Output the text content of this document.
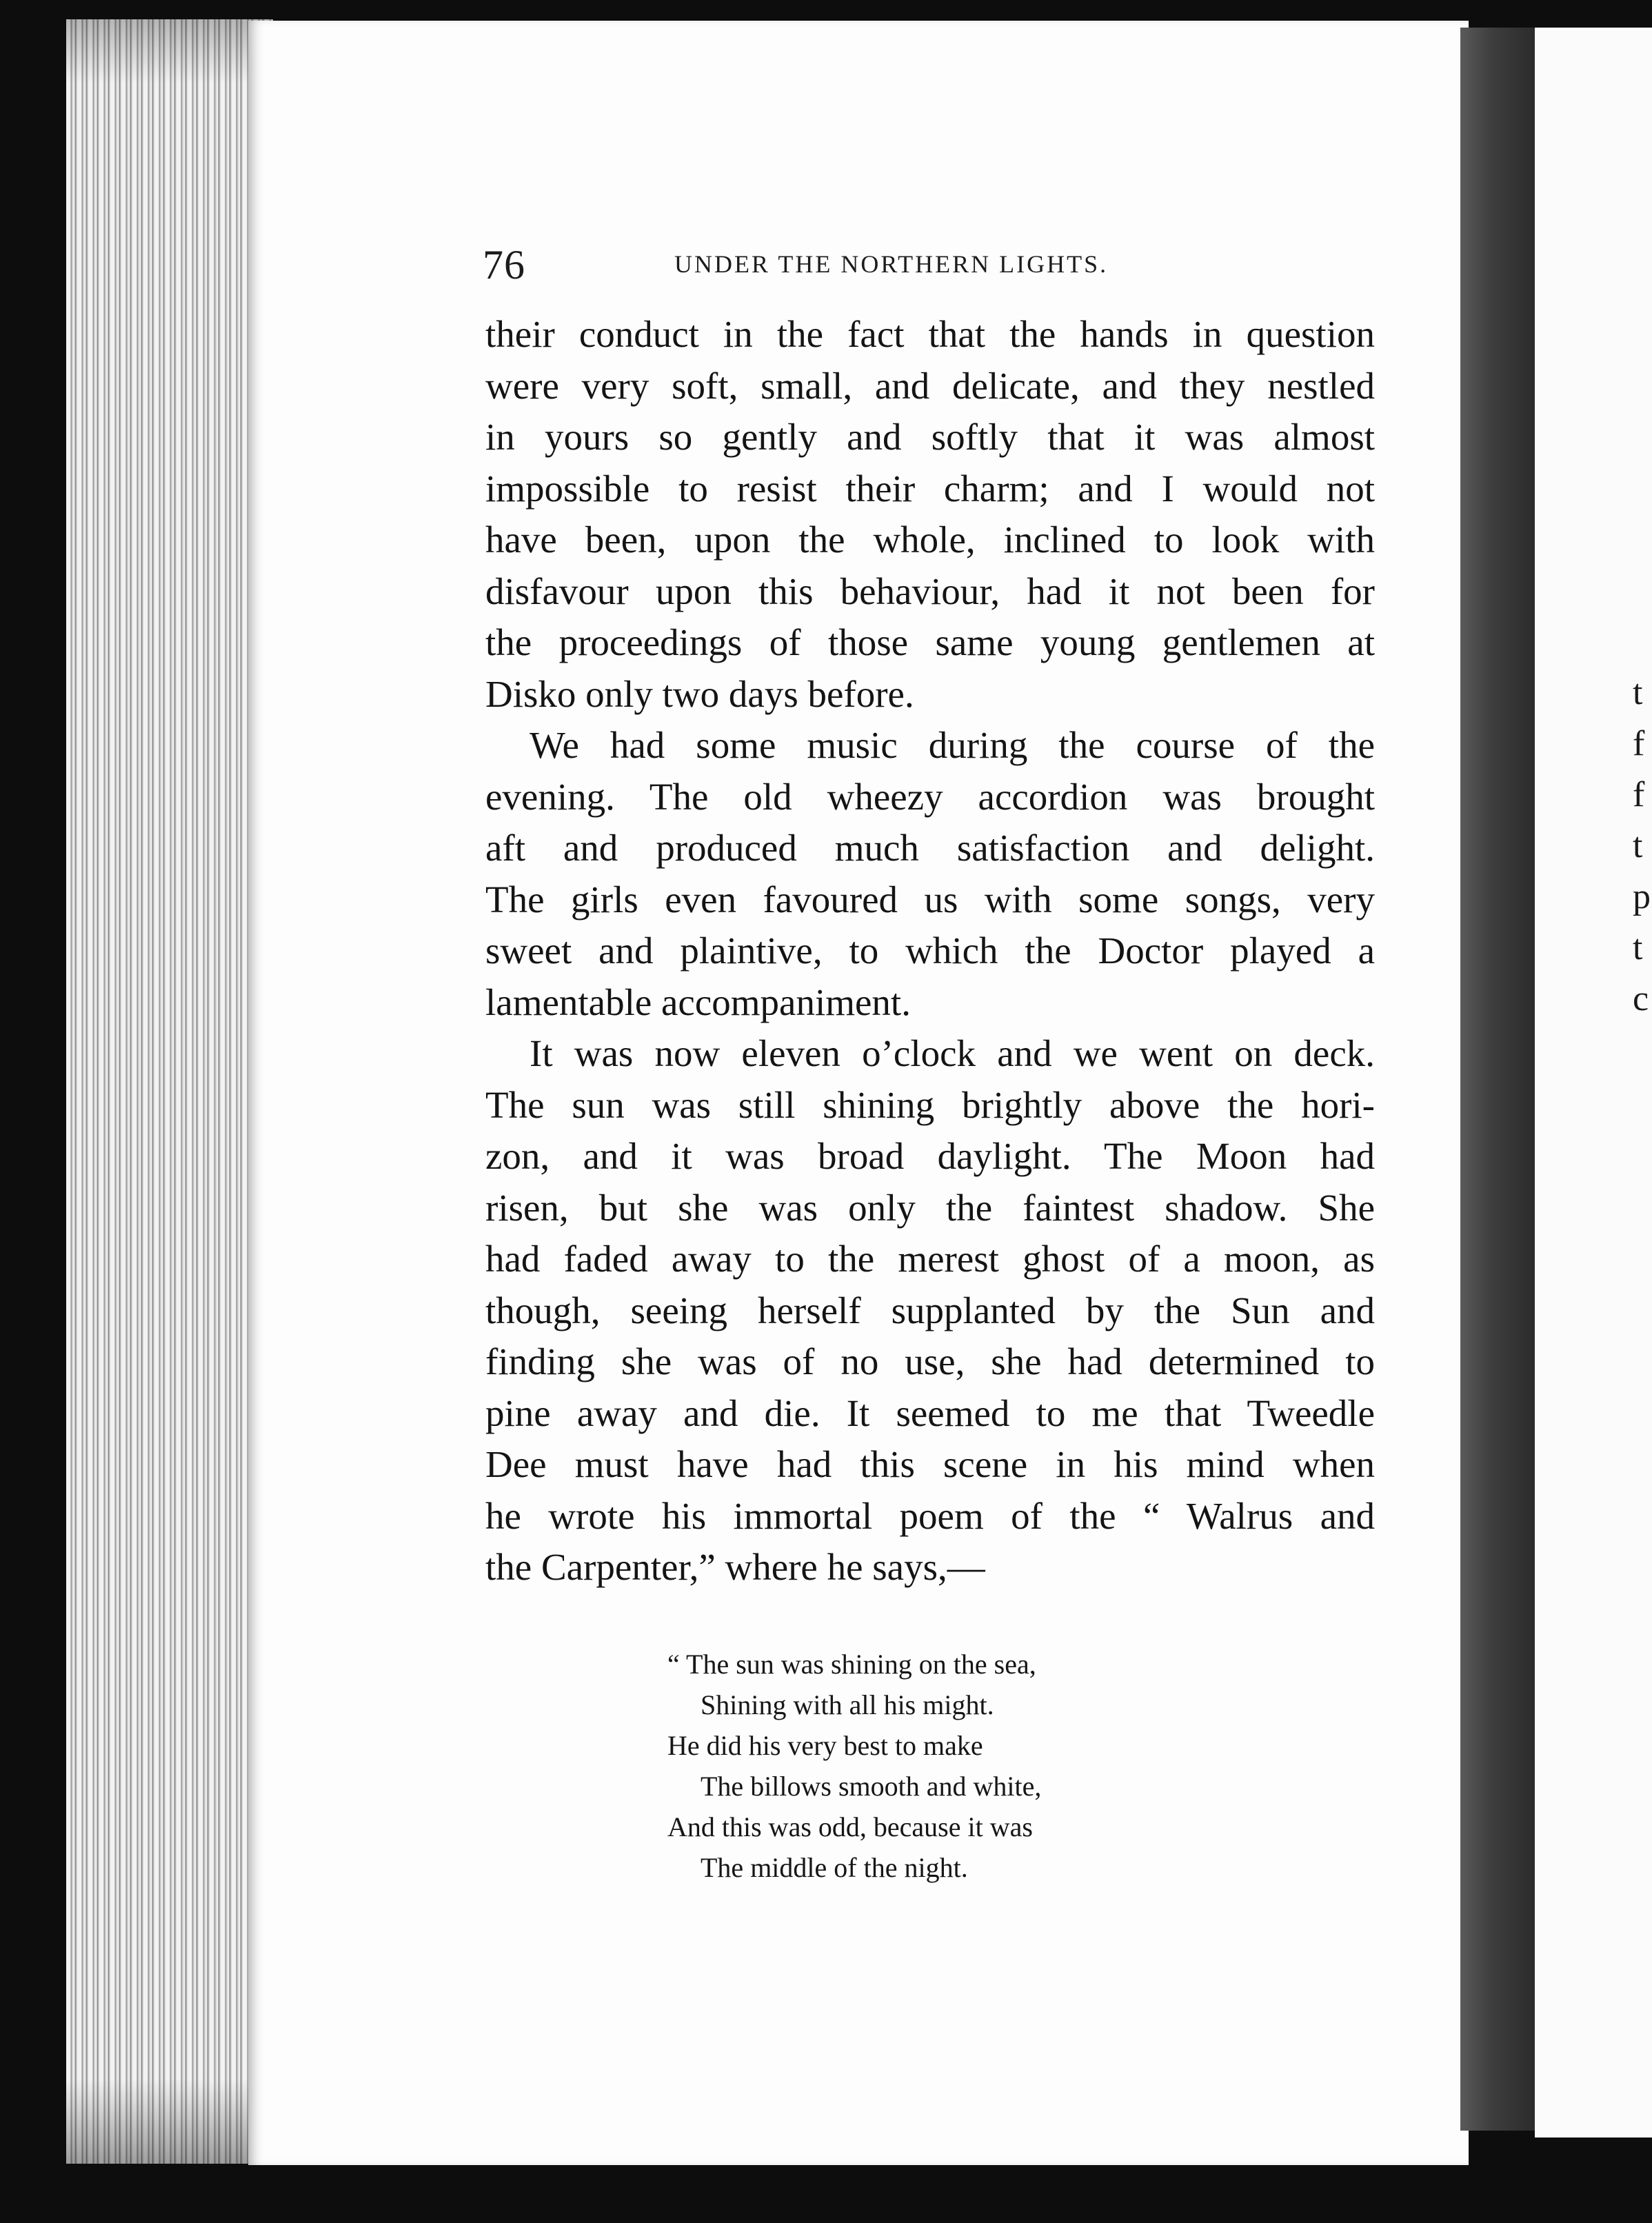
t
f
f
t
p
t
c
76	UNDER THE NORTHERN LIGHTS.
their conduct in the fact that the hands in question
were very soft, small, and delicate, and they nestled
in yours so gently and softly that it was almost
impossible to resist their charm; and I would not
have been, upon the whole, inclined to look with
disfavour upon this behaviour, had it not been for
the proceedings of those same young gentlemen at
Disko only two days before.
We had some music during the course of the
evening. The old wheezy accordion was brought
aft and produced much satisfaction and delight.
The girls even favoured us with some songs, very
sweet and plaintive, to which the Doctor played a
lamentable accompaniment.
It was now eleven o’clock and we went on deck.
The sun was still shining brightly above the hori-
zon, and it was broad daylight. The Moon had
risen, but she was only the faintest shadow. She
had faded away to the merest ghost of a moon, as
though, seeing herself supplanted by the Sun and
finding she was of no use, she had determined to
pine away and die. It seemed to me that Tweedle
Dee must have had this scene in his mind when
he wrote his immortal poem of the “ Walrus and
the Carpenter,” where he says,—
“ The sun was shining on the sea,
Shining with all his might.
He did his very best to make
The billows smooth and white,
And this was odd, because it was
The middle of the night.
